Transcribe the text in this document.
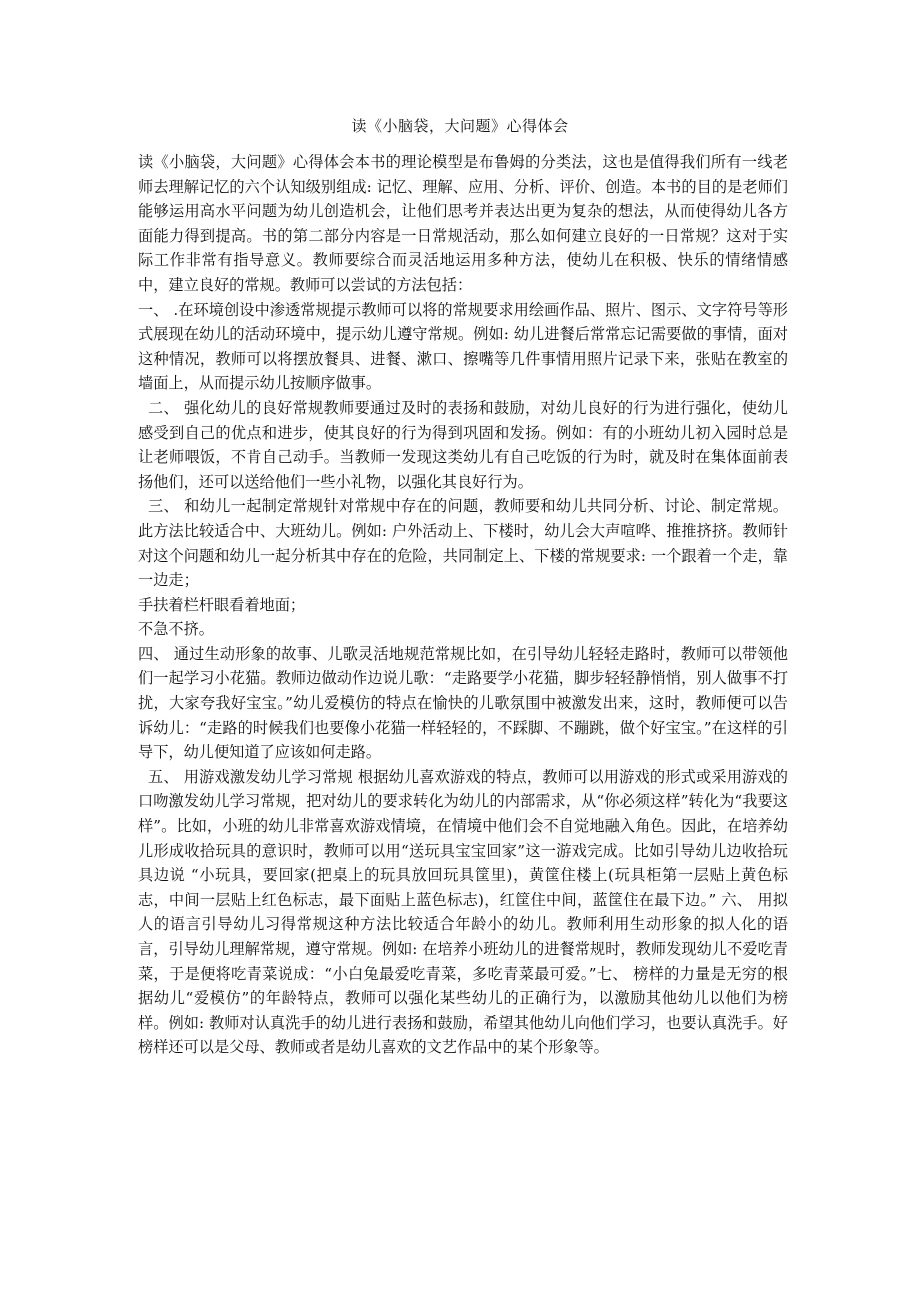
读《小脑袋，大问题》心得体会

读《小脑袋，大问题》心得体会本书的理论模型是布鲁姆的分类法，这也是值得我们所有一线老师去理解记忆的六个认知级别组成: 记忆、理解、应用、分析、评价、创造。本书的目的是老师们能够运用高水平问题为幼儿创造机会，让他们思考并表达出更为复杂的想法，从而使得幼儿各方面能力得到提高。书的第二部分内容是一日常规活动，那么如何建立良好的一日常规？这对于实际工作非常有指导意义。教师要综合而灵活地运用多种方法，使幼儿在积极、快乐的情绪情感中，建立良好的常规。教师可以尝试的方法包括：

一、 .在环境创设中渗透常规提示教师可以将的常规要求用绘画作品、照片、图示、文字符号等形式展现在幼儿的活动环境中，提示幼儿遵守常规。例如: 幼儿进餐后常常忘记需要做的事情，面对这种情况，教师可以将摆放餐具、进餐、漱口、擦嘴等几件事情用照片记录下来，张贴在教室的墙面上，从而提示幼儿按顺序做事。

二、 强化幼儿的良好常规教师要通过及时的表扬和鼓励，对幼儿良好的行为进行强化，使幼儿感受到自己的优点和进步，使其良好的行为得到巩固和发扬。例如：有的小班幼儿初入园时总是让老师喂饭，不肯自己动手。当教师一发现这类幼儿有自己吃饭的行为时，就及时在集体面前表扬他们，还可以送给他们一些小礼物，以强化其良好行为。

三、 和幼儿一起制定常规针对常规中存在的问题，教师要和幼儿共同分析、讨论、制定常规。此方法比较适合中、大班幼儿。例如: 户外活动上、下楼时，幼儿会大声喧哗、推推挤挤。教师针对这个问题和幼儿一起分析其中存在的危险，共同制定上、下楼的常规要求: 一个跟着一个走，靠一边走；

手扶着栏杆眼看着地面；

不急不挤。

四、 通过生动形象的故事、儿歌灵活地规范常规比如，在引导幼儿轻轻走路时，教师可以带领他们一起学习小花猫。教师边做动作边说儿歌：“走路要学小花猫，脚步轻轻静悄悄，别人做事不打扰，大家夸我好宝宝。”幼儿爱模仿的特点在愉快的儿歌氛围中被激发出来，这时，教师便可以告诉幼儿：“走路的时候我们也要像小花猫一样轻轻的，不踩脚、不蹦跳，做个好宝宝。”在这样的引导下，幼儿便知道了应该如何走路。

五、 用游戏激发幼儿学习常规 根据幼儿喜欢游戏的特点，教师可以用游戏的形式或采用游戏的口吻激发幼儿学习常规，把对幼儿的要求转化为幼儿的内部需求，从“你必须这样”转化为“我要这样”。比如，小班的幼儿非常喜欢游戏情境，在情境中他们会不自觉地融入角色。因此，在培养幼儿形成收拾玩具的意识时，教师可以用“送玩具宝宝回家”这一游戏完成。比如引导幼儿边收拾玩具边说 “小玩具，要回家(把桌上的玩具放回玩具筐里)，黄筐住楼上(玩具柜第一层贴上黄色标志，中间一层贴上红色标志，最下面贴上蓝色标志)，红筐住中间，蓝筐住在最下边。” 六、 用拟人的语言引导幼儿习得常规这种方法比较适合年龄小的幼儿。教师利用生动形象的拟人化的语言，引导幼儿理解常规，遵守常规。例如: 在培养小班幼儿的进餐常规时，教师发现幼儿不爱吃青菜，于是便将吃青菜说成：“小白兔最爱吃青菜，多吃青菜最可爱。”七、 榜样的力量是无穷的根据幼儿“爱模仿”的年龄特点，教师可以强化某些幼儿的正确行为，以激励其他幼儿以他们为榜样。例如: 教师对认真洗手的幼儿进行表扬和鼓励，希望其他幼儿向他们学习，也要认真洗手。好榜样还可以是父母、教师或者是幼儿喜欢的文艺作品中的某个形象等。
